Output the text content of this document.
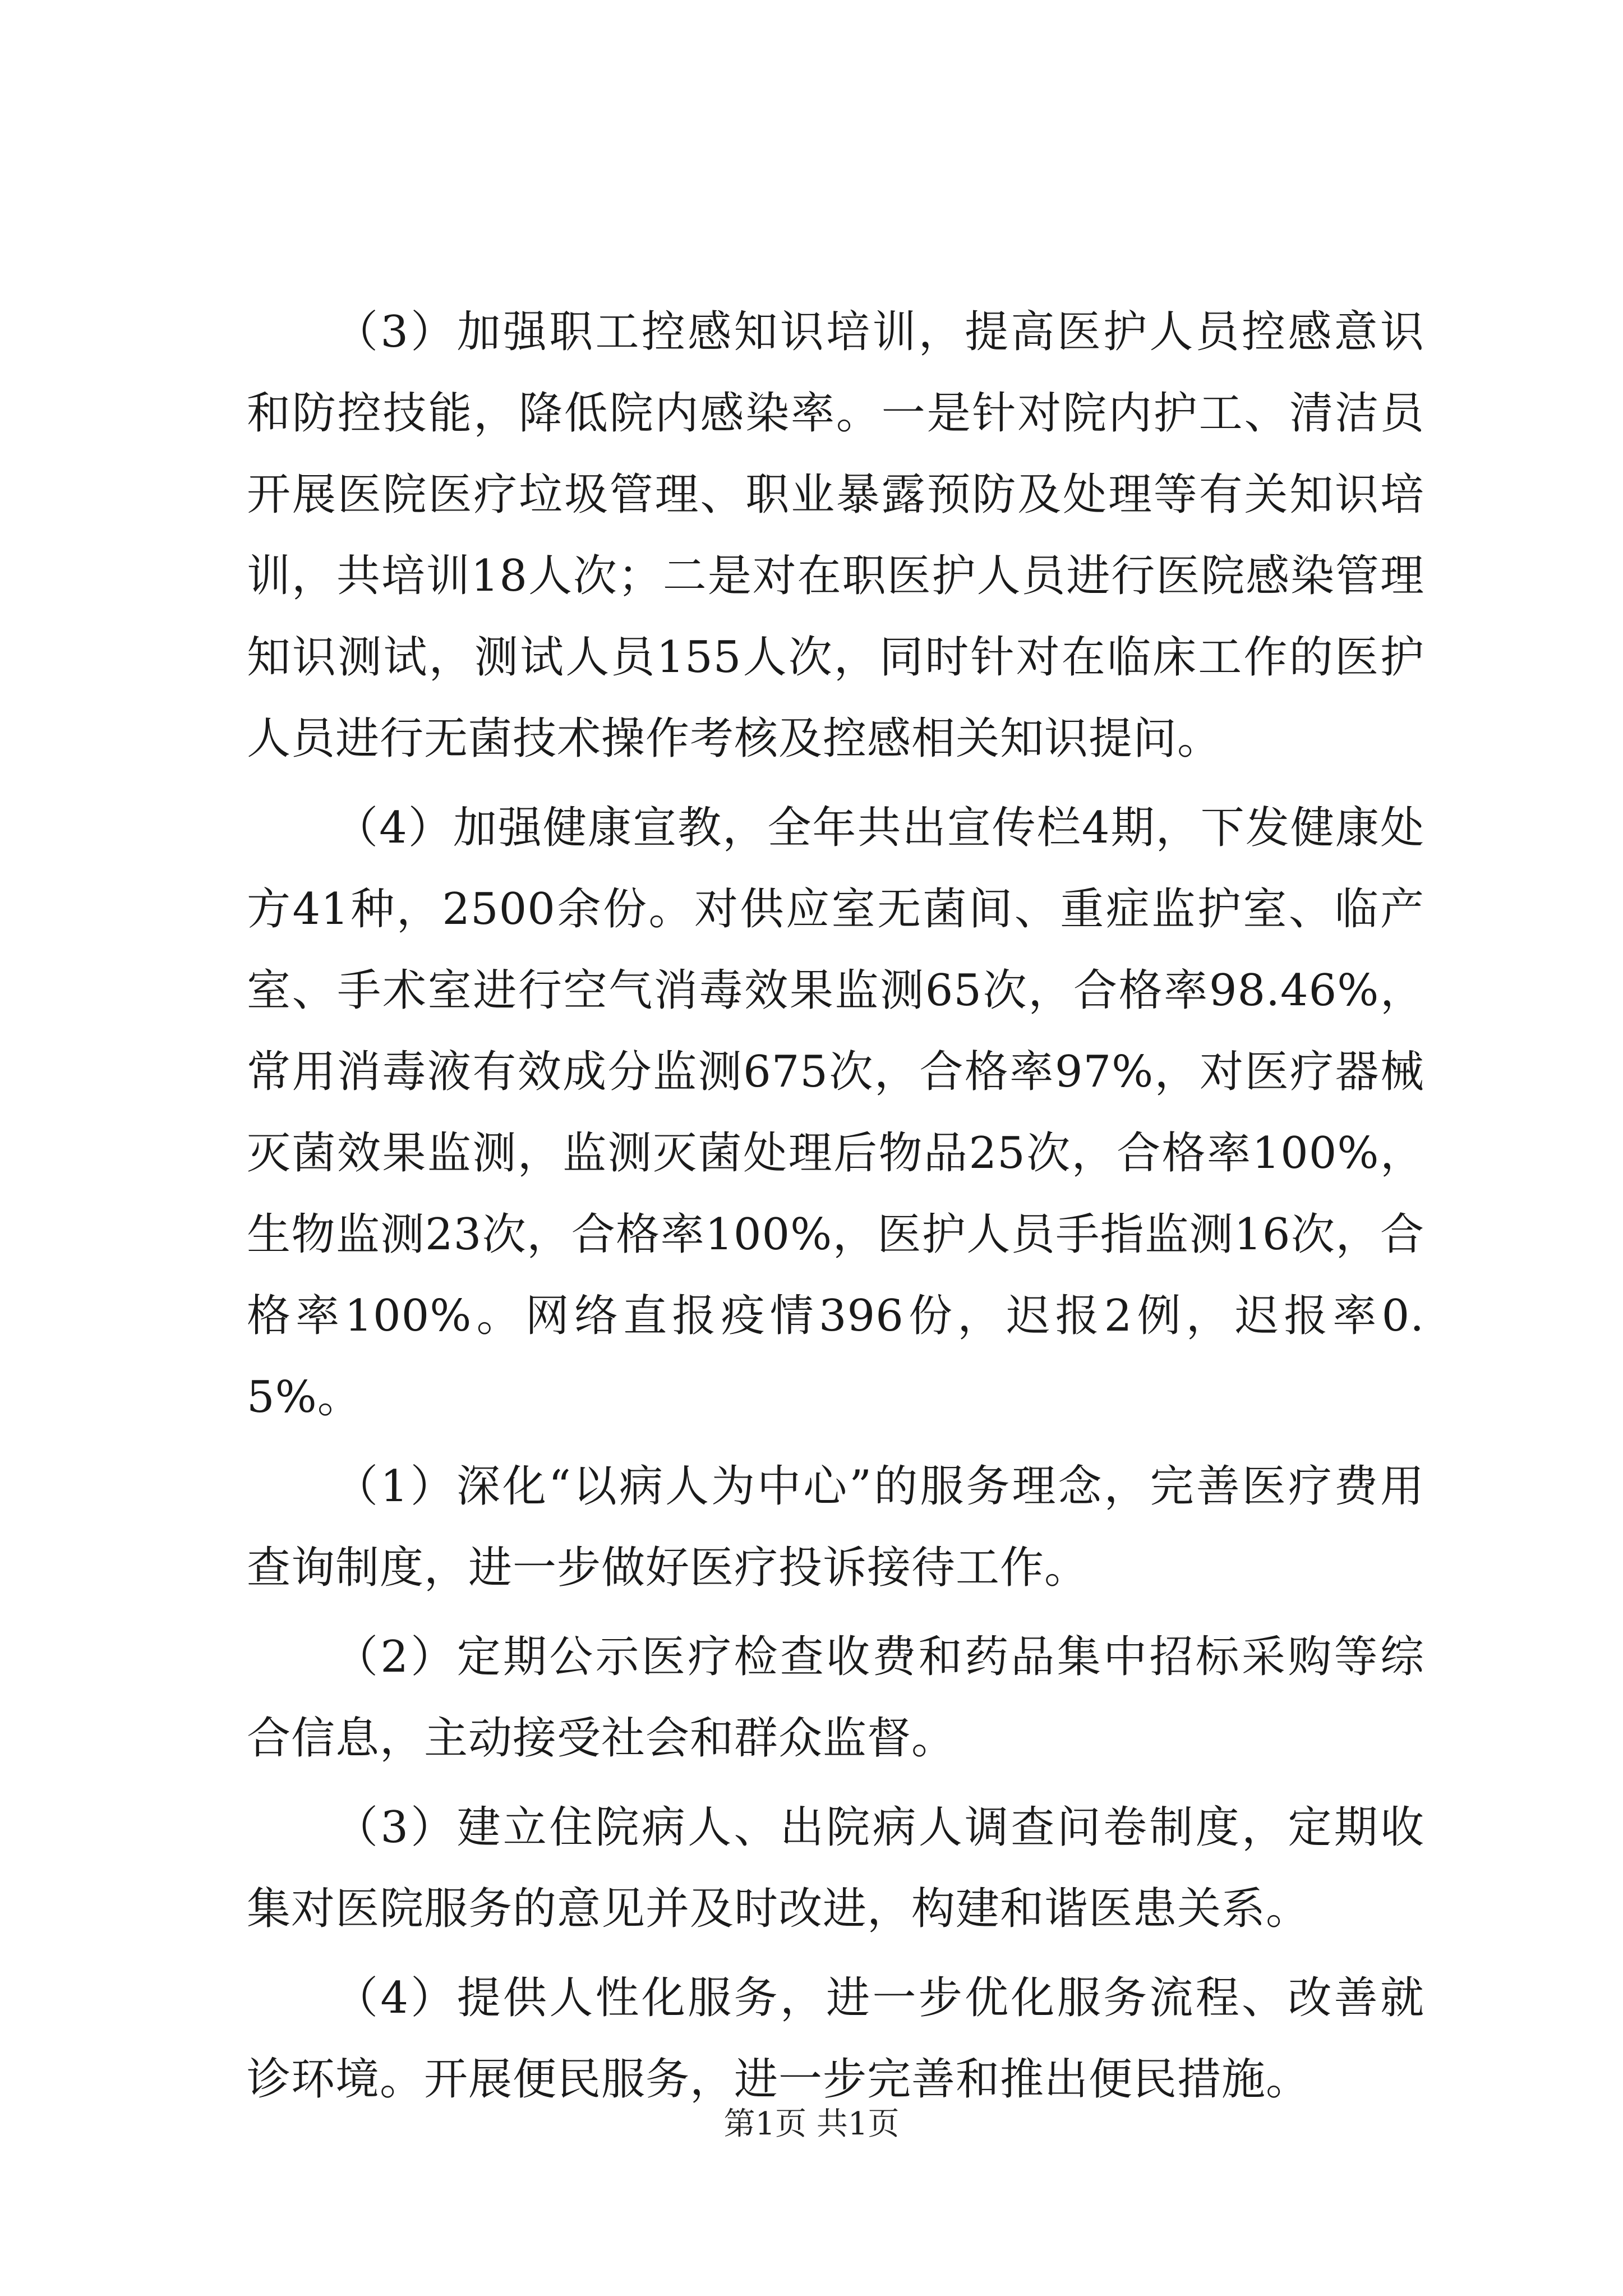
（3）加强职工控感知识培训，提高医护人员控感意识和防控技能，降低院内感染率。一是针对院内护工、清洁员开展医院医疗垃圾管理、职业暴露预防及处理等有关知识培训，共培训18人次；二是对在职医护人员进行医院感染管理知识测试，测试人员155人次，同时针对在临床工作的医护人员进行无菌技术操作考核及控感相关知识提问。

（4）加强健康宣教，全年共出宣传栏4期，下发健康处方41种，2500余份。对供应室无菌间、重症监护室、临产室、手术室进行空气消毒效果监测65次，合格率98.46%，常用消毒液有效成分监测675次，合格率97%，对医疗器械灭菌效果监测，监测灭菌处理后物品25次，合格率100%，生物监测23次，合格率100%，医护人员手指监测16次，合格率100%。网络直报疫情396份，迟报2例，迟报率0.5%。

（1）深化“以病人为中心”的服务理念，完善医疗费用查询制度，进一步做好医疗投诉接待工作。

（2）定期公示医疗检查收费和药品集中招标采购等综合信息，主动接受社会和群众监督。

（3）建立住院病人、出院病人调查问卷制度，定期收集对医院服务的意见并及时改进，构建和谐医患关系。

（4）提供人性化服务，进一步优化服务流程、改善就诊环境。开展便民服务，进一步完善和推出便民措施。

第1页 共1页
